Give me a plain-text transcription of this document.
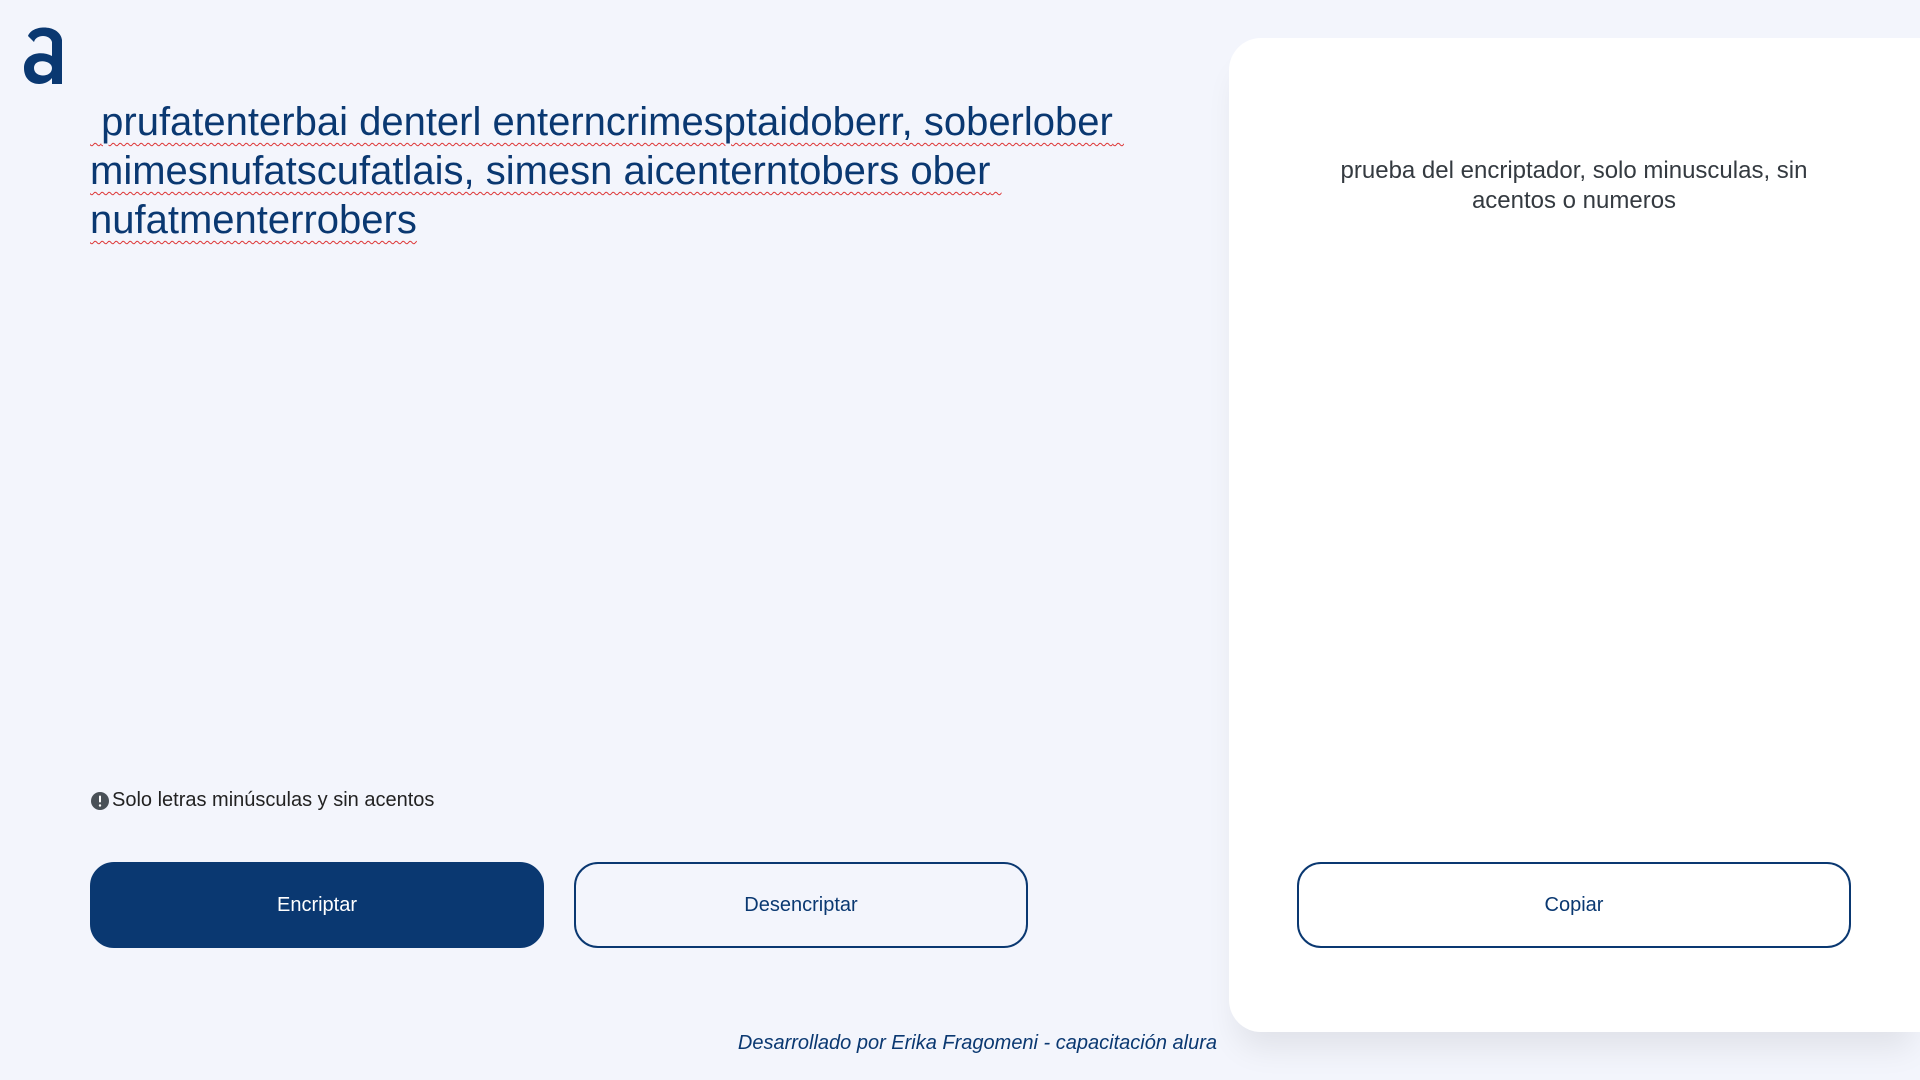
prufatenterbai denterl enterncrimesptaidoberr, soberlober mimesnufatscufatlais, simesn aicenterntobers ober nufatmenterrobers
Solo letras minúsculas y sin acentos
Encriptar	Desencriptar
Desarrollado por Erika Fragomeni - capacitación alura
prueba del encriptador, solo minusculas, sin acentos o numeros
Copiar
